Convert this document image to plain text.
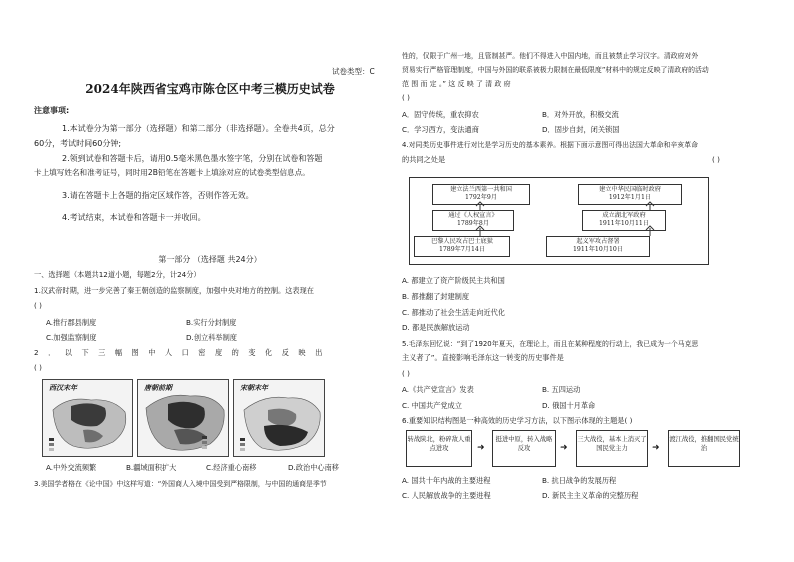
试卷类型：C
2024年陕西省宝鸡市陈仓区中考三模历史试卷
注意事项:
1.本试卷分为第一部分（选择题）和第二部分（非选择题）。全卷共4页，总分
60分，考试时间60分钟;
2.领到试卷和答题卡后，请用0.5毫米黑色墨水签字笔，分别在试卷和答题
卡上填写姓名和准考证号，同时用2B铅笔在答题卡上填涂对应的试卷类型信息点。
3.请在答题卡上各题的指定区域作答，否则作答无效。
4.考试结束，本试卷和答题卡一并收回。
第一部分 （选择题 共24分）
一、选择题（本题共12道小题，每题2分，计24分）
1.汉武帝时期，进一步完善了秦王朝创造的监察制度，加强中央对地方的控制。这表现在
( )
A.推行郡县制度	B.实行分封制度
C.加强监察制度	D.创立科举制度
2．以下三幅图中人口密度的变化反映出
( )
西汉末年	唐朝前期	宋朝末年
A.中外交流频繁	B.疆域面积扩大	C.经济重心南移	D.政治中心南移
3.美国学者格在《论中国》中这样写道：“外国商人入境中国受到严格限制，与中国的通商是季节
性的，仅限于广州一地，且管制甚严。他们不得进入中国内地，而且被禁止学习汉字。清政府对外
贸易实行严格管理制度，中国与外国的联系被极力限制在最低限度”材料中的规定反映了清政府的活动
范 围 而 定 。” 这 反 映 了 清 政 府
( )
A．固守传统，重农抑农	B．对外开放，积极交流
C．学习西方，变法通商	D．固步自封，闭关锁国
4.对同类历史事件进行对比是学习历史的基本素养。根据下面示意图可得出法国大革命和辛亥革命
的共同之处是	( )
建立法兰西第一共和国
1792年9月
通过《人权宣言》
1789年8月
巴黎人民攻占巴士底狱
1789年7月14日
建立中华民国临时政府
1912年1月1日
成立湖北军政府
1911年10月11日
起义军攻占督署
1911年10月10日
A. 都建立了资产阶级民主共和国
B. 都推翻了封建制度
C. 都推动了社会生活走向近代化
D. 都是民族解放运动
5.毛泽东回忆说：“到了1920年夏天，在理论上，而且在某种程度的行动上，我已成为一个马克思
主义者了”。直接影响毛泽东这一转变的历史事件是
( )
A.《共产党宣言》发表	B. 五四运动
C. 中国共产党成立	D. 俄国十月革命
6.重要知识结构图是一种高效的历史学习方法，以下图示体现的主题是( )
转战陕北，粉碎敌人重点进攻	➜
挺进中原，转入战略反攻	➜
三大战役，基本上消灭了国民党主力	➜
渡江战役，推翻国民党统治
A. 国共十年内战的主要进程	B. 抗日战争的发展历程
C. 人民解放战争的主要进程	D. 新民主主义革命的完整历程
